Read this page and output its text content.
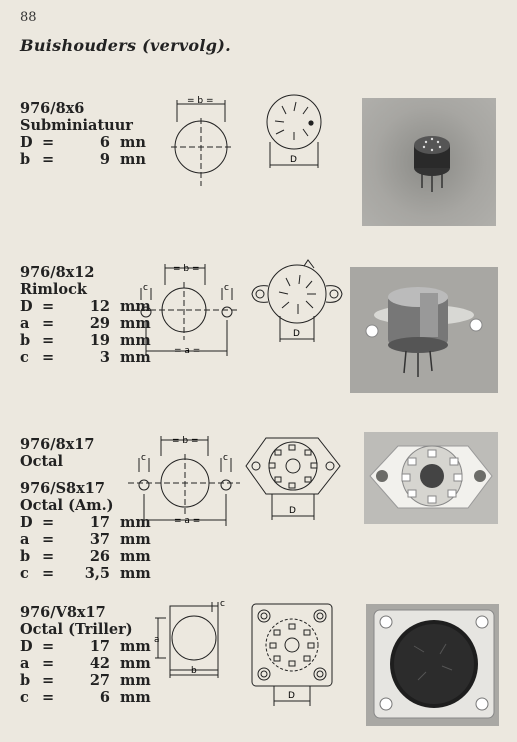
88
Buishouders (vervolg).
976/8x6
Subminiatuur
D =	6 mn
b =	9 mn
= b =
D
976/8x12
Rimlock
D =	12 mm
a =	29 mm
b =	19 mm
c =	3 mm
= b =
c	c
= a =
D
976/8x17
Octal
976/S8x17
Octal (Am.)
D =	17 mm
a =	37 mm
b =	26 mm
c =	3,5 mm
= b =
c	c
= a =
D
976/V8x17
Octal (Triller)
D =	17 mm
a =	42 mm
b =	27 mm
c =	6 mm
a
b
c
D
